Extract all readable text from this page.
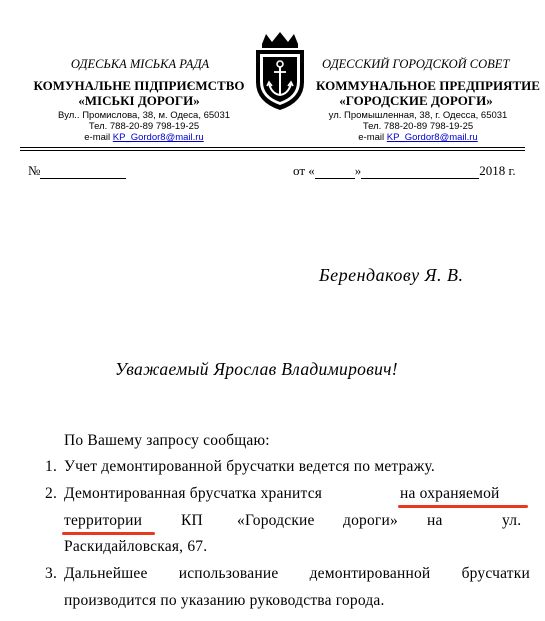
ОДЕСЬКА МІСЬКА РАДА
КОМУНАЛЬНЕ ПІДПРИЄМСТВО
«МІСЬКІ ДОРОГИ»
Вул.. Промислова, 38, м. Одеса, 65031
Тел. 788-20-89 798-19-25
e-mail KP_Gordor8@mail.ru
ОДЕССКИЙ ГОРОДСКОЙ СОВЕТ
КОММУНАЛЬНОЕ ПРЕДПРИЯТИЕ
«ГОРОДСКИЕ ДОРОГИ»
ул. Промышленная, 38, г. Одесса, 65031
Тел. 788-20-89 798-19-25
e-mail KP_Gordor8@mail.ru
№	от «	»	2018 г.
Берендакову Я. В.
Уважаемый Ярослав Владимирович!
По Вашему запросу сообщаю:
1. Учет демонтированной брусчатки ведется по метражу.
2. Демонтированная брусчатка хранится	на охраняемой
территории	КП «Городские дороги» на	ул.
Раскидайловская, 67.
3. Дальнейшее использование демонтированной брусчатки
производится по указанию руководства города.
